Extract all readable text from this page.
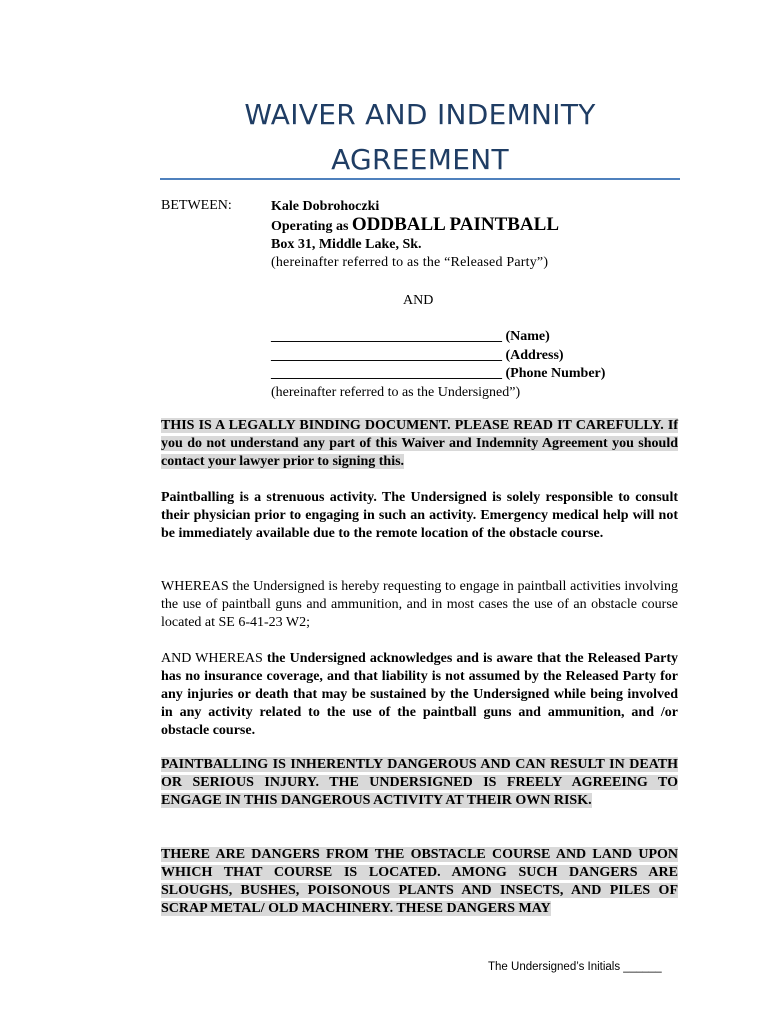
WAIVER AND INDEMNITY
AGREEMENT
BETWEEN:	Kale Dobrohoczki
Operating as ODDBALL PAINTBALL
Box 31, Middle Lake, Sk.
(hereinafter referred to as the “Released Party”)
AND
_________________________________ (Name)
_________________________________ (Address)
_________________________________ (Phone Number)
(hereinafter referred to as the Undersigned”)
THIS IS A LEGALLY BINDING DOCUMENT. PLEASE READ IT CAREFULLY. If you do not understand any part of this Waiver and Indemnity Agreement you should contact your lawyer prior to signing this.
Paintballing is a strenuous activity. The Undersigned is solely responsible to consult their physician prior to engaging in such an activity. Emergency medical help will not be immediately available due to the remote location of the obstacle course.
WHEREAS the Undersigned is hereby requesting to engage in paintball activities involving the use of paintball guns and ammunition, and in most cases the use of an obstacle course located at SE 6-41-23 W2;
AND WHEREAS the Undersigned acknowledges and is aware that the Released Party has no insurance coverage, and that liability is not assumed by the Released Party for any injuries or death that may be sustained by the Undersigned while being involved in any activity related to the use of the paintball guns and ammunition, and /or obstacle course.
PAINTBALLING IS INHERENTLY DANGEROUS AND CAN RESULT IN DEATH OR SERIOUS INJURY. THE UNDERSIGNED IS FREELY AGREEING TO ENGAGE IN THIS DANGEROUS ACTIVITY AT THEIR OWN RISK.
THERE ARE DANGERS FROM THE OBSTACLE COURSE AND LAND UPON WHICH THAT COURSE IS LOCATED. AMONG SUCH DANGERS ARE SLOUGHS, BUSHES, POISONOUS PLANTS AND INSECTS, AND PILES OF SCRAP METAL/ OLD MACHINERY. THESE DANGERS MAY
The Undersigned’s Initials ______
